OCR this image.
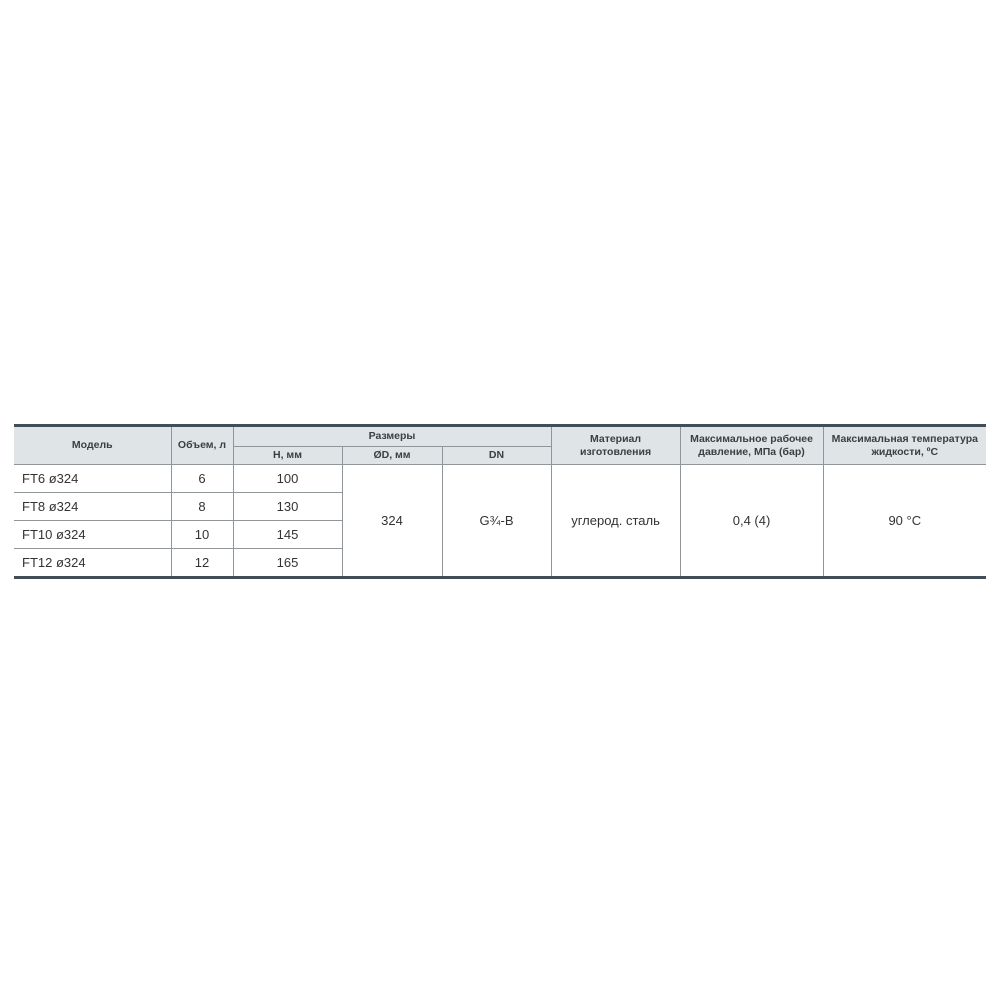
Модель	Объем, л	Размеры			Материал изготовления	Максимальное рабочее давление, МПа (бар)	Максимальная температура жидкости, ºС
		H, мм	ØD, мм	DN			
FT6 ø324	6	100	324	G¾-B	углерод. сталь	0,4 (4)	90 °C
FT8 ø324	8	130					
FT10 ø324	10	145					
FT12 ø324	12	165					
